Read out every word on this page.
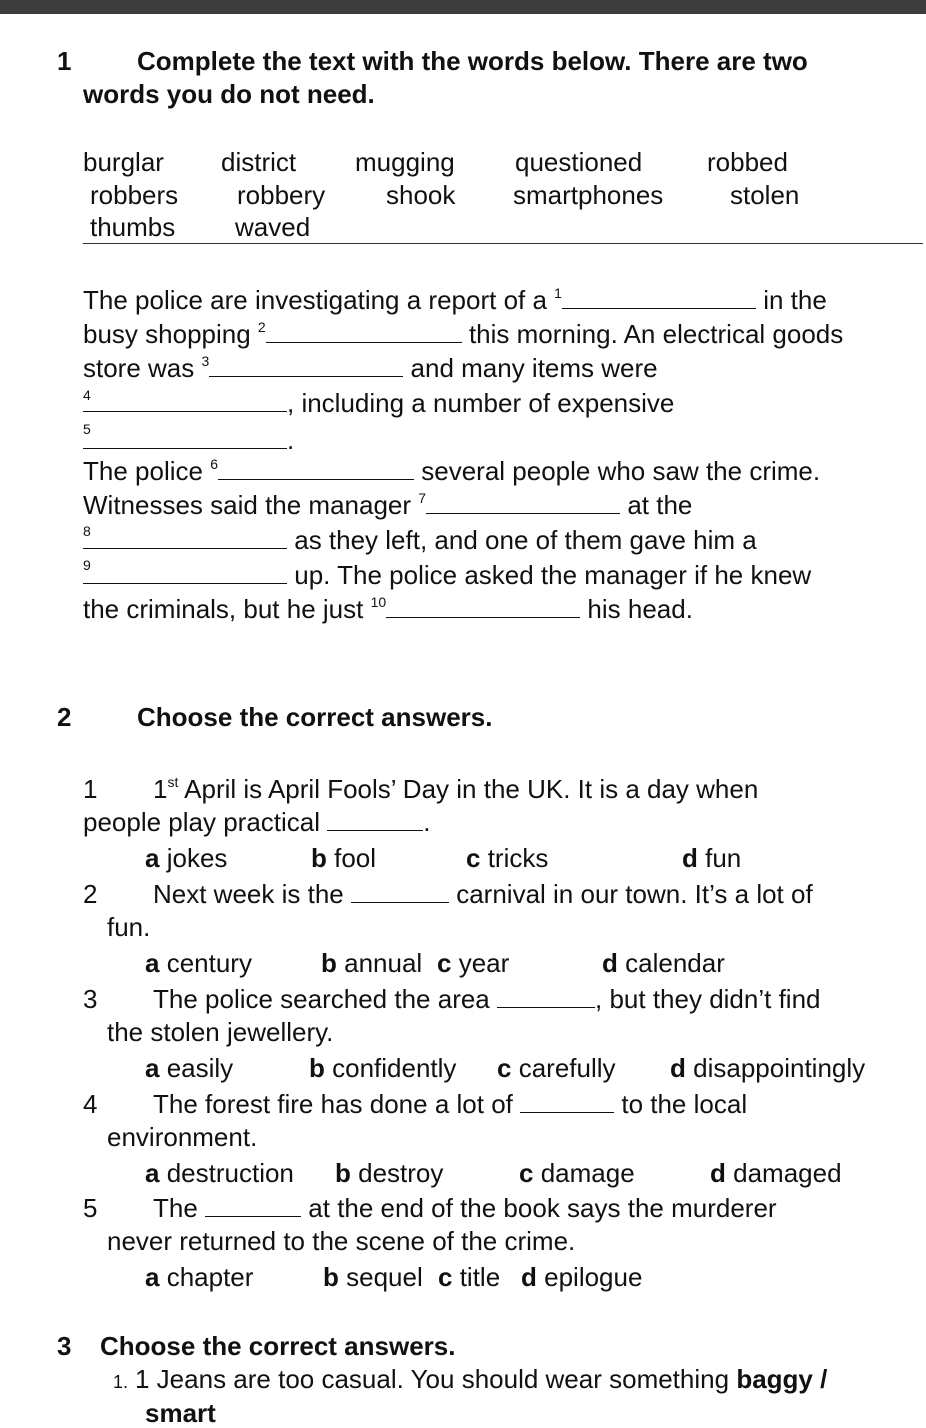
1	Complete the text with the words below. There are two
words you do not need.
burglar district mugging questioned robbed
robbers robbery shook smartphones	stolen
thumbs waved
The police are investigating a report of a $^1$	in the
busy shopping $^2$	this morning. An electrical goods
store was $^3$	and many items were
4	, including a number of expensive
5	.
The police $^6$	several people who saw the crime.
Witnesses said the manager $^7$	at the
8	as they left, and one of them gave him a
9	up. The police asked the manager if he knew
the criminals, but he just $^{10}$	his head.
2	Choose the correct answers.
1 1st April is April Fools’ Day in the UK. It is a day when
people play practical	.
a jokes	b fool	c tricks	d fun
2 Next week is the	carnival in our town. It’s a lot of
fun.
a century	b annual c year	d calendar
3 The police searched the area	, but they didn’t find
the stolen jewellery.
a easily	b confidently c carefully d disappointingly
4 The forest fire has done a lot of	to the local
environment.
a destruction b destroy	c damage	d damaged
5 The	at the end of the book says the murderer
never returned to the scene of the crime.
a chapter	b sequel c title d epilogue
3 Choose the correct answers.
1. 1 Jeans are too casual. You should wear something baggy /
smart
